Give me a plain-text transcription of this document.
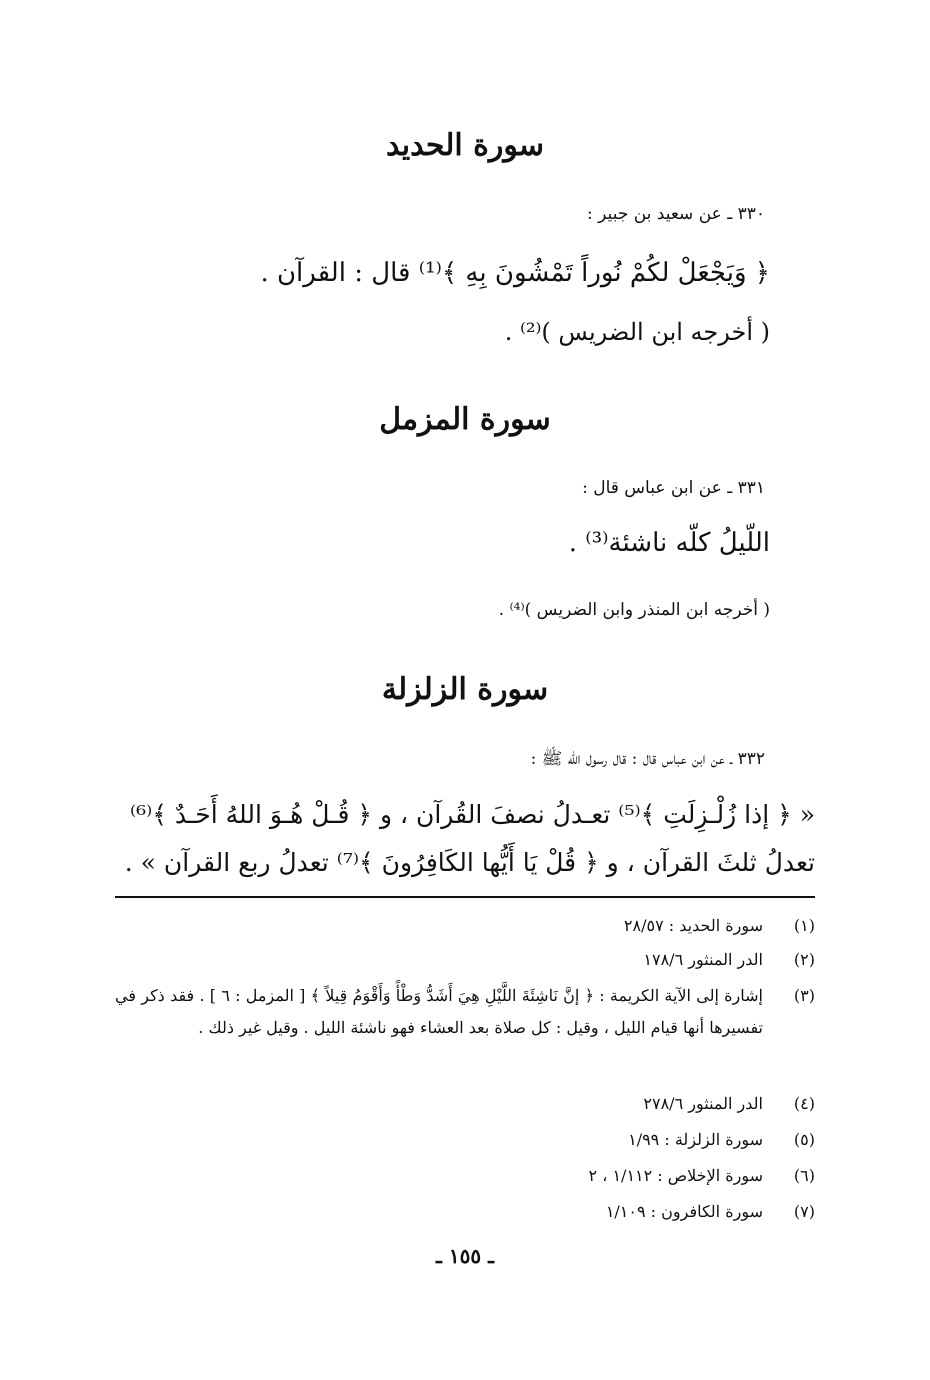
سورة الحديد
٣٣٠ ـ عن سعيد بن جبير :
﴿ وَيَجْعَلْ لكُمْ نُوراً تَمْشُونَ بِهِ ﴾⁽¹⁾ قال : القرآن .
( أخرجه ابن الضريس )⁽²⁾ .
سورة المزمل
٣٣١ ـ عن ابن عباس قال :
اللّيلُ كلّه ناشئة⁽³⁾ .
( أخرجه ابن المنذر وابن الضريس )⁽⁴⁾ .
سورة الزلزلة
٣٣٢ ـ عن ابن عباس قال : قال رسول الله ﷺ :
« ﴿ إذا زُلْـزِلَتِ ﴾⁽⁵⁾ تعـدلُ نصفَ القُرآن ، و ﴿ قُـلْ هُـوَ اللهُ أَحَـدٌ ﴾⁽⁶⁾
تعدلُ ثلثَ القرآن ، و ﴿ قُلْ يَا أَيُّها الكَافِرُونَ ﴾⁽⁷⁾ تعدلُ ربع القرآن » .
(١)
سورة الحديد : ٢٨/٥٧
(٢)
الدر المنثور ١٧٨/٦
(٣)
إشارة إلى الآية الكريمة : ﴿ إنَّ نَاشِئَةَ اللَّيْلِ هِيَ أَشَدُّ وَطْأً وَأَقْوَمُ قِيلاً ﴾ [ المزمل : ٦ ] . فقد ذكر في تفسيرها أنها قيام الليل ، وقيل : كل صلاة بعد العشاء فهو ناشئة الليل . وقيل غير ذلك .
(٤)
الدر المنثور ٢٧٨/٦
(٥)
سورة الزلزلة : ١/٩٩
(٦)
سورة الإخلاص : ١/١١٢ ، ٢
(٧)
سورة الكافرون : ١/١٠٩
ـ ١٥٥ ـ
